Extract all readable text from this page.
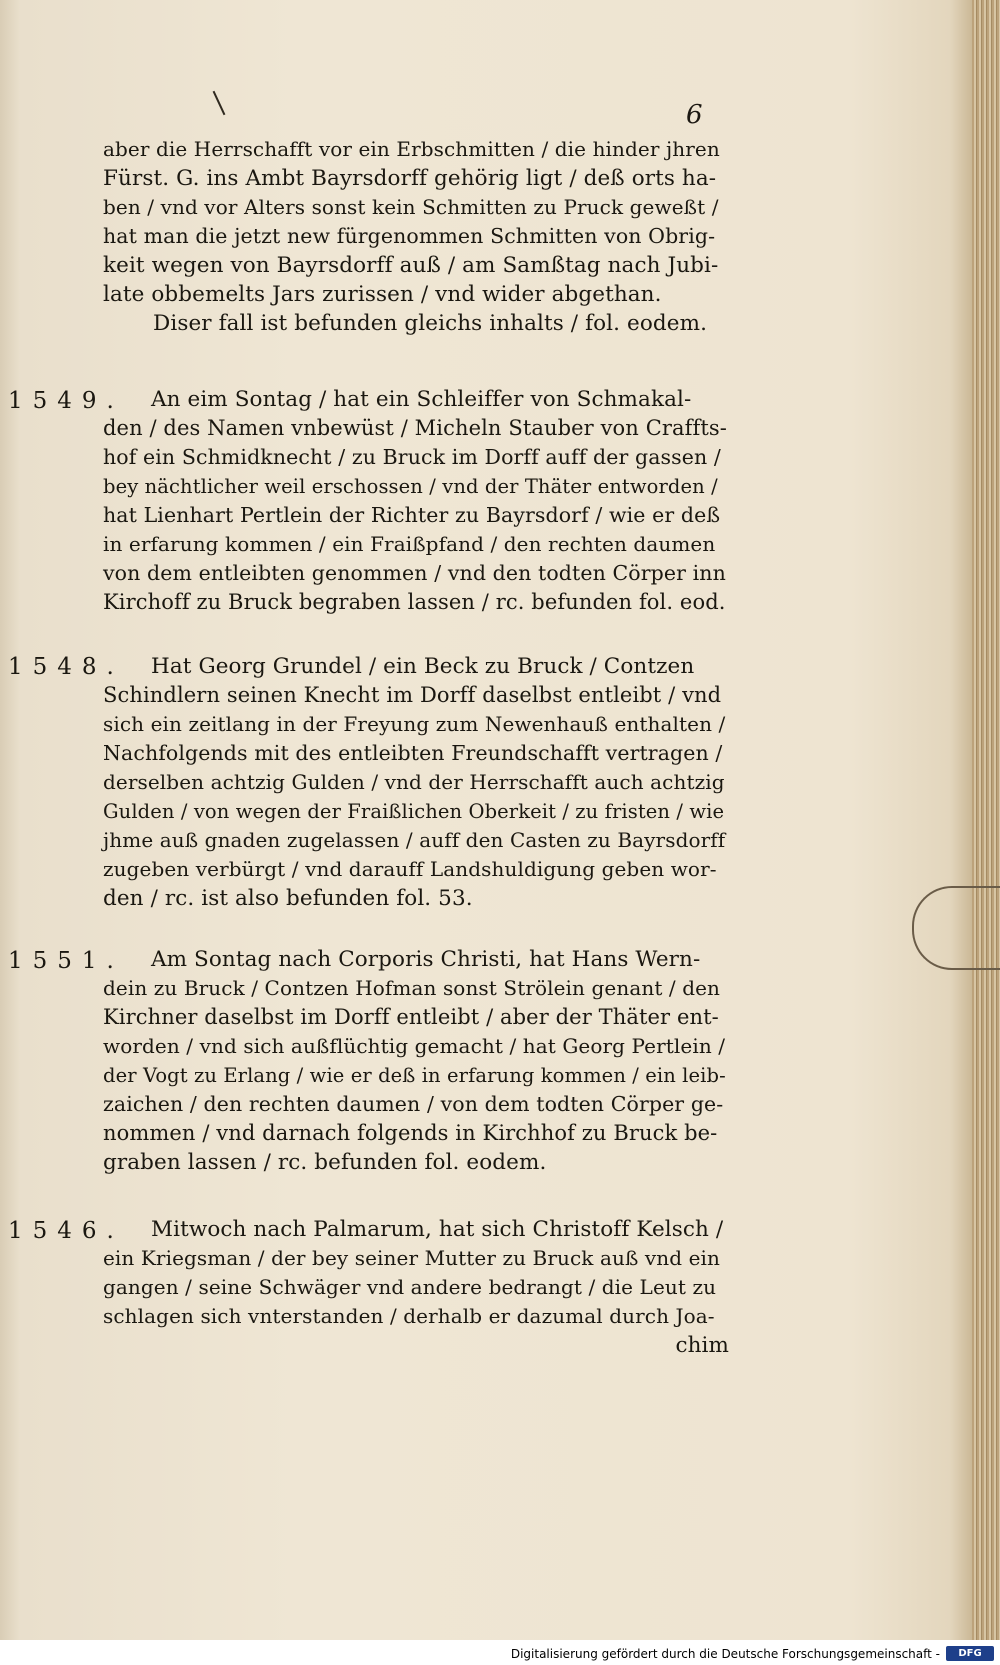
6
aber die Herrschafft vor ein Erbschmitten / die hinder jhren
Fürst. G. ins Ambt Bayrsdorff gehörig ligt / deß orts ha-
ben / vnd vor Alters sonst kein Schmitten zu Pruck geweßt /
hat man die jetzt new fürgenommen Schmitten von Obrig-
keit wegen von Bayrsdorff auß / am Samßtag nach Jubi-
late obbemelts Jars zurissen / vnd wider abgethan.
Diser fall ist befunden gleichs inhalts / fol. eodem.
1549.	An eim Sontag / hat ein Schleiffer von Schmakal-
den / des Namen vnbewüst / Micheln Stauber von Craffts-
hof ein Schmidknecht / zu Bruck im Dorff auff der gassen /
bey nächtlicher weil erschossen / vnd der Thäter entworden /
hat Lienhart Pertlein der Richter zu Bayrsdorf / wie er deß
in erfarung kommen / ein Fraißpfand / den rechten daumen
von dem entleibten genommen / vnd den todten Cörper inn
Kirchoff zu Bruck begraben lassen / rc. befunden fol. eod.
1548.	Hat Georg Grundel / ein Beck zu Bruck / Contzen
Schindlern seinen Knecht im Dorff daselbst entleibt / vnd
sich ein zeitlang in der Freyung zum Newenhauß enthalten /
Nachfolgends mit des entleibten Freundschafft vertragen /
derselben achtzig Gulden / vnd der Herrschafft auch achtzig
Gulden / von wegen der Fraißlichen Oberkeit / zu fristen / wie
jhme auß gnaden zugelassen / auff den Casten zu Bayrsdorff
zugeben verbürgt / vnd darauff Landshuldigung geben wor-
den / rc. ist also befunden fol. 53.
1551.	Am Sontag nach Corporis Christi, hat Hans Wern-
dein zu Bruck / Contzen Hofman sonst Strölein genant / den
Kirchner daselbst im Dorff entleibt / aber der Thäter ent-
worden / vnd sich außflüchtig gemacht / hat Georg Pertlein /
der Vogt zu Erlang / wie er deß in erfarung kommen / ein leib-
zaichen / den rechten daumen / von dem todten Cörper ge-
nommen / vnd darnach folgends in Kirchhof zu Bruck be-
graben lassen / rc. befunden fol. eodem.
1546.	Mitwoch nach Palmarum, hat sich Christoff Kelsch /
ein Kriegsman / der bey seiner Mutter zu Bruck auß vnd ein
gangen / seine Schwäger vnd andere bedrangt / die Leut zu
schlagen sich vnterstanden / derhalb er dazumal durch Joa-
chim
Digitalisierung gefördert durch die Deutsche Forschungsgemeinschaft -	DFG
